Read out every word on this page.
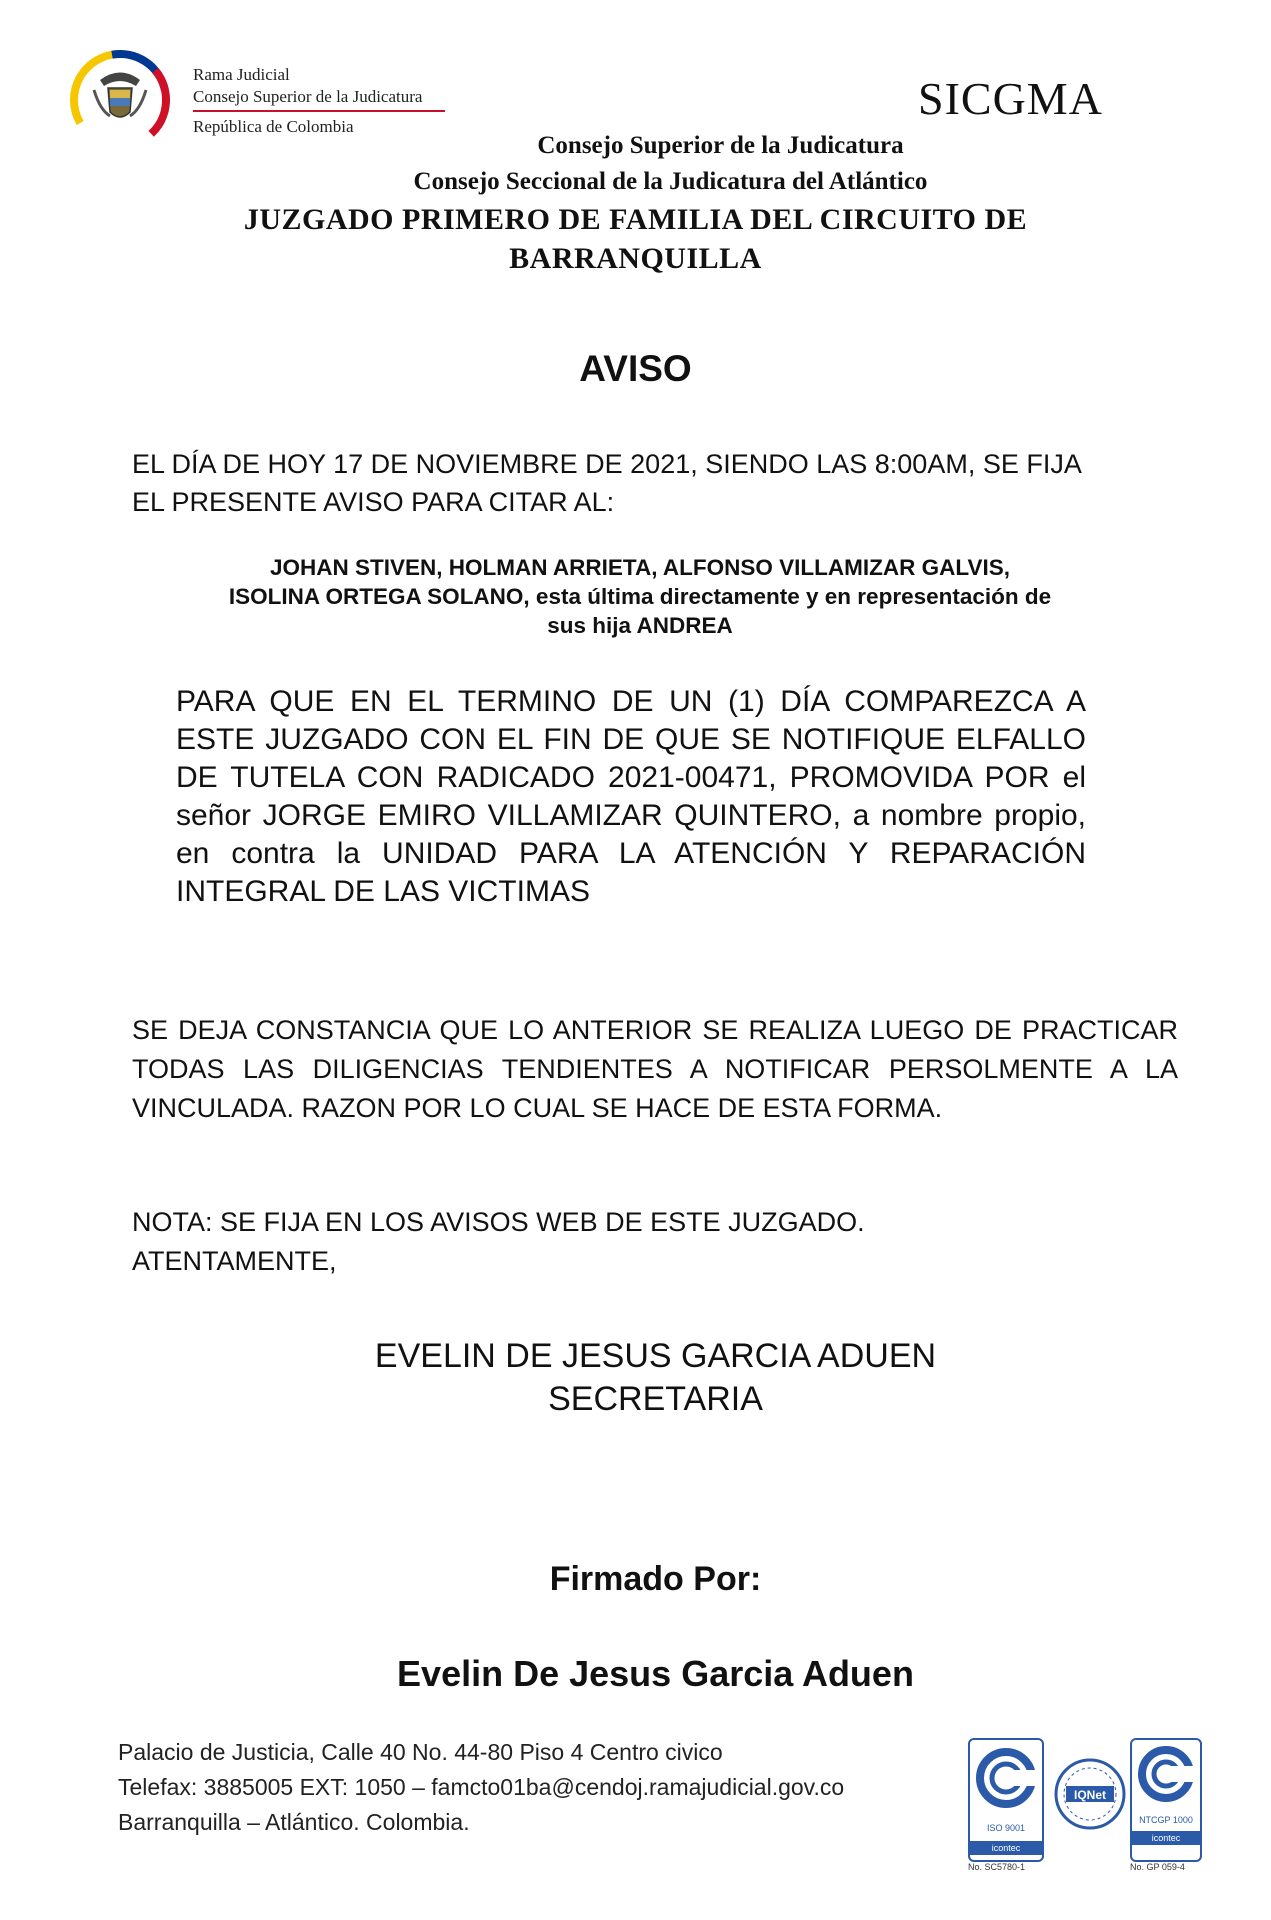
Rama Judicial
Consejo Superior de la Judicatura
República de Colombia
SICGMA
Consejo Superior de la Judicatura
Consejo Seccional de la Judicatura del Atlántico
JUZGADO PRIMERO DE FAMILIA DEL CIRCUITO DE
BARRANQUILLA
AVISO
EL DÍA DE HOY 17 DE NOVIEMBRE DE 2021, SIENDO LAS 8:00AM, SE FIJA
EL PRESENTE AVISO PARA CITAR AL:
JOHAN STIVEN, HOLMAN ARRIETA, ALFONSO VILLAMIZAR GALVIS,
ISOLINA ORTEGA SOLANO, esta última directamente y en representación de
sus hija ANDREA
PARA QUE EN EL TERMINO DE UN (1) DÍA COMPAREZCA A ESTE JUZGADO CON EL FIN DE QUE SE NOTIFIQUE ELFALLO DE TUTELA CON RADICADO 2021-00471, PROMOVIDA POR el señor JORGE EMIRO VILLAMIZAR QUINTERO, a nombre propio, en contra la UNIDAD PARA LA ATENCIÓN Y REPARACIÓN INTEGRAL DE LAS VICTIMAS
SE DEJA CONSTANCIA QUE LO ANTERIOR SE REALIZA LUEGO DE PRACTICAR TODAS LAS DILIGENCIAS TENDIENTES A NOTIFICAR PERSOLMENTE A LA VINCULADA. RAZON POR LO CUAL SE HACE DE ESTA FORMA.
NOTA: SE FIJA EN LOS AVISOS WEB DE ESTE JUZGADO.
ATENTAMENTE,
EVELIN DE JESUS GARCIA ADUEN
SECRETARIA
Firmado Por:
Evelin De Jesus Garcia Aduen
Palacio de Justicia, Calle 40 No. 44-80 Piso 4 Centro civico
Telefax: 3885005 EXT: 1050 – famcto01ba@cendoj.ramajudicial.gov.co
Barranquilla – Atlántico. Colombia.	ISO 9001
icontec
IQNet
NTCGP 1000
icontec
No. SC5780-1	No. GP 059-4
